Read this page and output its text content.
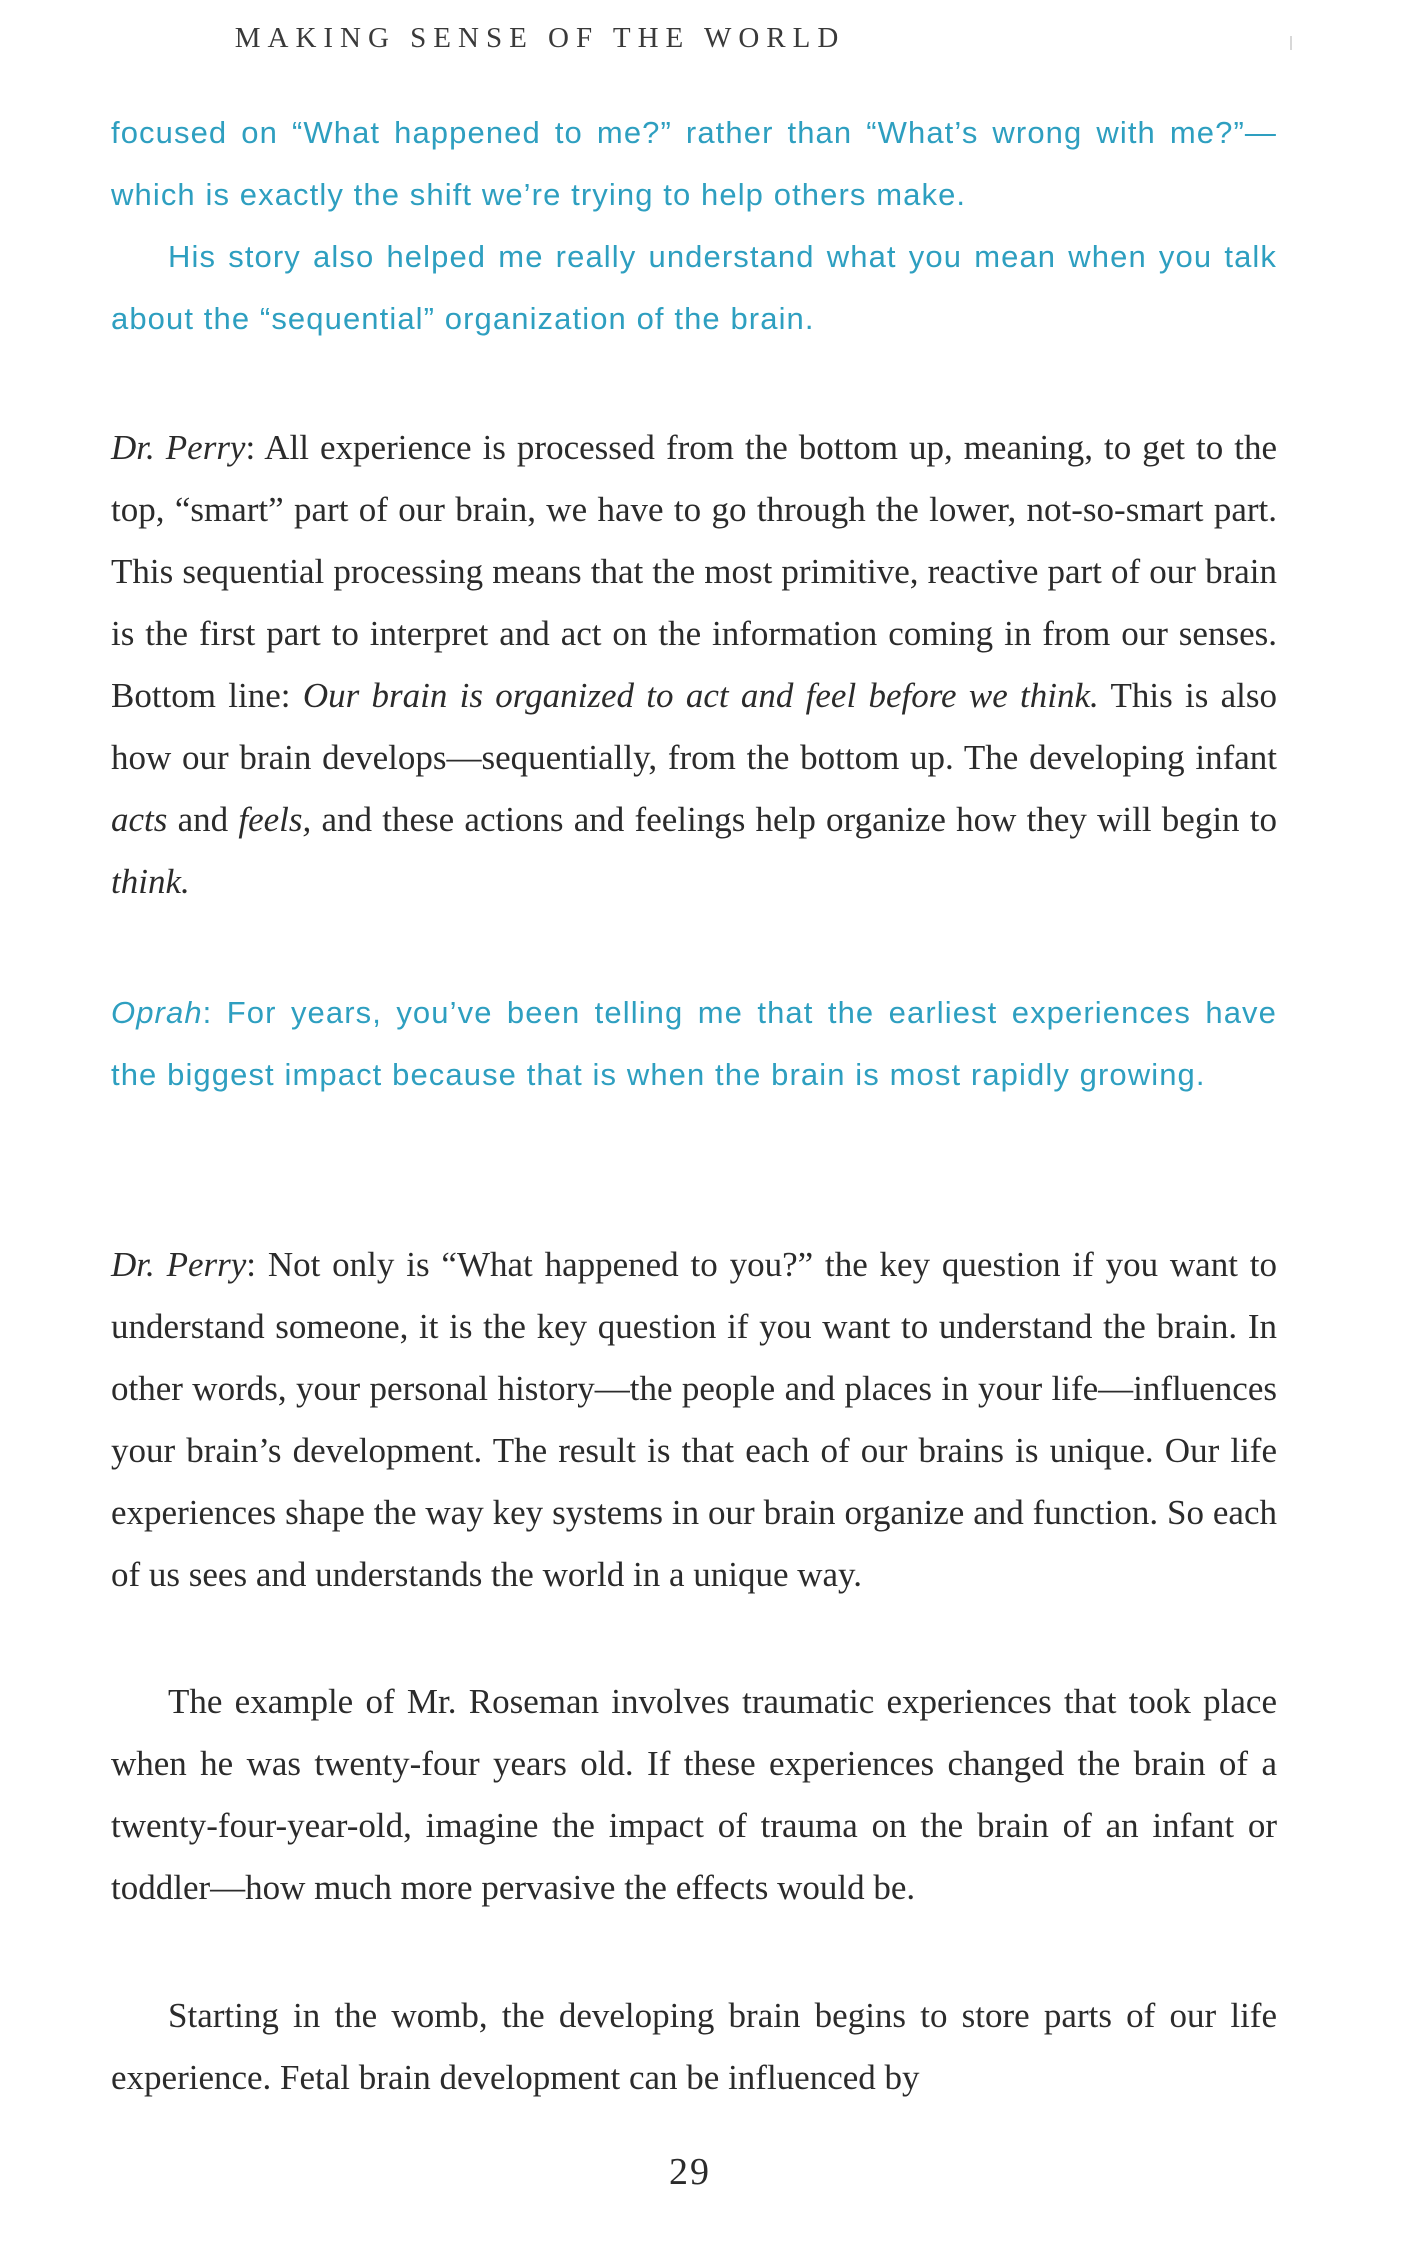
MAKING SENSE OF THE WORLD

focused on “What happened to me?” rather than “What’s wrong with me?”—which is exactly the shift we’re trying to help others make.

His story also helped me really understand what you mean when you talk about the “sequential” organization of the brain.

Dr. Perry: All experience is processed from the bottom up, meaning, to get to the top, “smart” part of our brain, we have to go through the lower, not-so-smart part. This sequential processing means that the most primitive, reactive part of our brain is the first part to interpret and act on the information coming in from our senses. Bottom line: Our brain is organized to act and feel before we think. This is also how our brain develops—sequentially, from the bottom up. The developing infant acts and feels, and these actions and feelings help organize how they will begin to think.

Oprah: For years, you’ve been telling me that the earliest experiences have the biggest impact because that is when the brain is most rapidly growing.

Dr. Perry: Not only is “What happened to you?” the key question if you want to understand someone, it is the key question if you want to understand the brain. In other words, your personal history—the people and places in your life—influences your brain’s development. The result is that each of our brains is unique. Our life experiences shape the way key systems in our brain organize and function. So each of us sees and understands the world in a unique way.

The example of Mr. Roseman involves traumatic experiences that took place when he was twenty-four years old. If these experiences changed the brain of a twenty-four-year-old, imagine the impact of trauma on the brain of an infant or toddler—how much more pervasive the effects would be.

Starting in the womb, the developing brain begins to store parts of our life experience. Fetal brain development can be influenced by

29
